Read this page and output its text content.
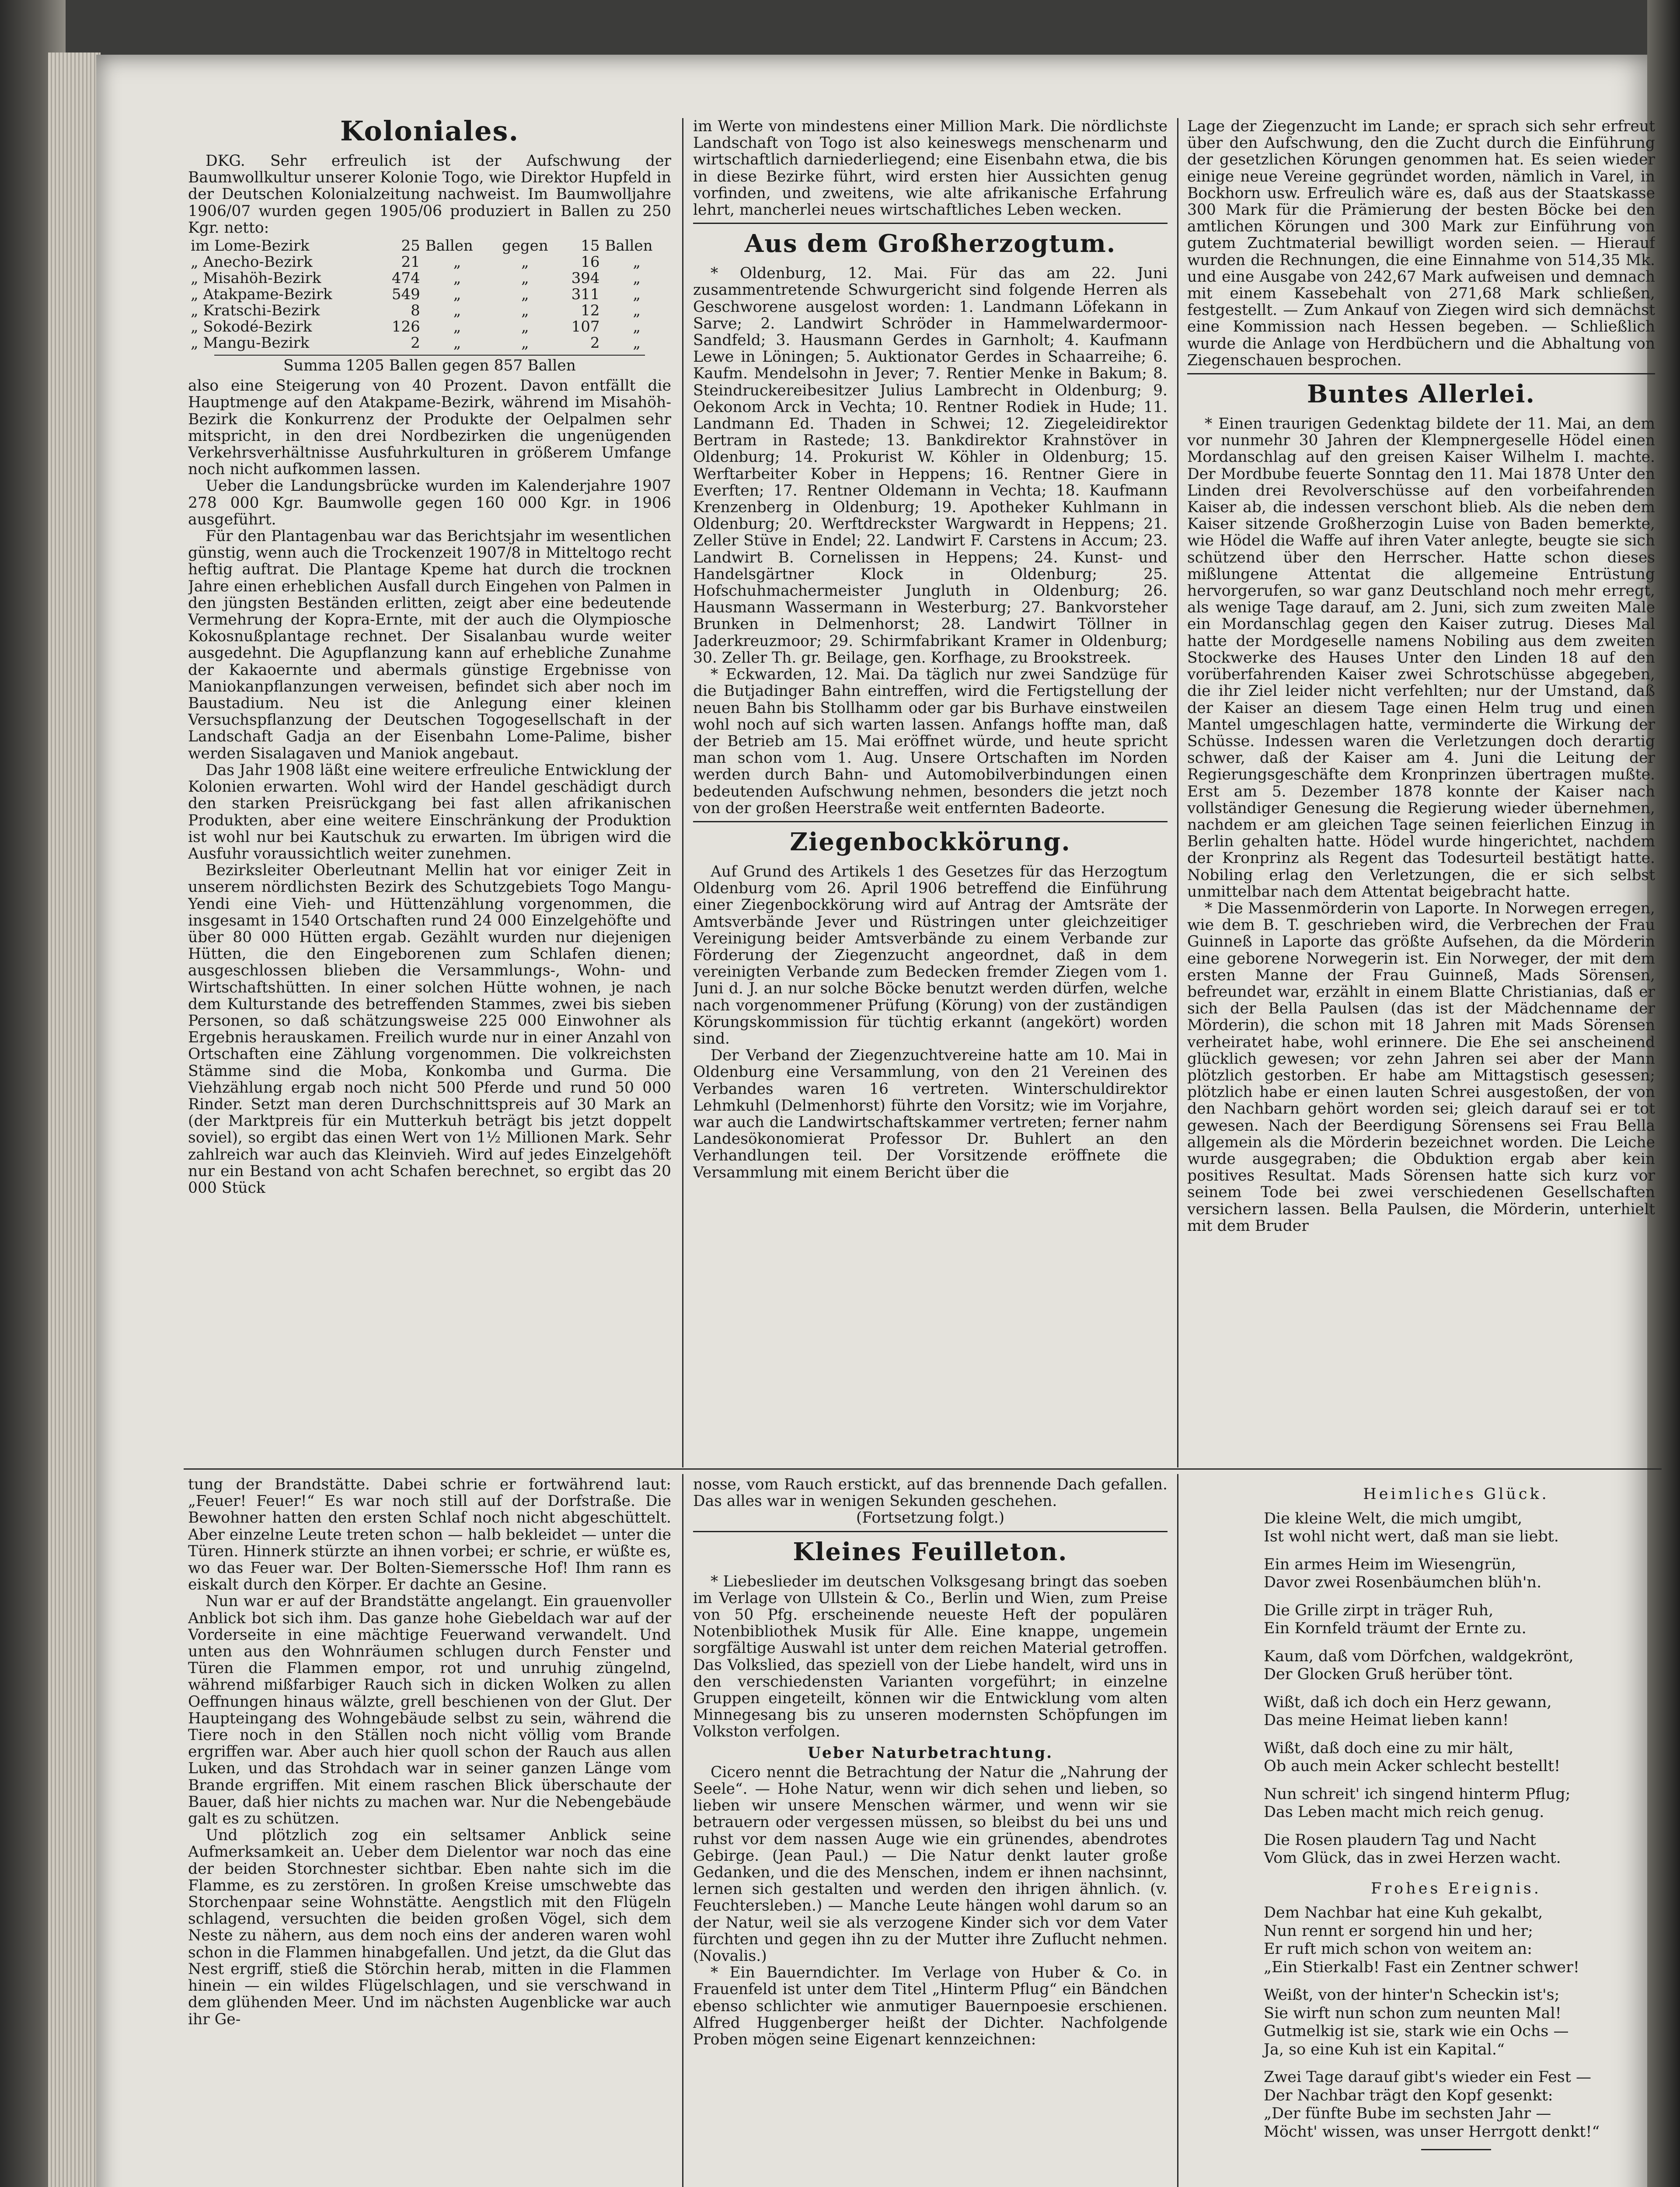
Koloniales.

DKG. Sehr erfreulich ist der Aufschwung der Baumwollkultur unserer Kolonie Togo, wie Direktor Hupfeld in der Deutschen Kolonialzeitung nachweist. Im Baumwolljahre 1906/07 wurden gegen 1905/06 produziert in Ballen zu 250 Kgr. netto:

im Lome-Bezirk	25	Ballen	gegen	15	Ballen
„ Anecho-Bezirk	21	„	„	16	„
„ Misahöh-Bezirk	474	„	„	394	„
„ Atakpame-Bezirk	549	„	„	311	„
„ Kratschi-Bezirk	8	„	„	12	„
„ Sokodé-Bezirk	126	„	„	107	„
„ Mangu-Bezirk	2	„	„	2	„
Summa 1205 Ballen gegen 857 Ballen

also eine Steigerung von 40 Prozent. Davon entfällt die Hauptmenge auf den Atakpame-Bezirk, während im Misahöh-Bezirk die Konkurrenz der Produkte der Oelpalmen sehr mitspricht, in den drei Nordbezirken die ungenügenden Verkehrsverhältnisse Ausfuhrkulturen in größerem Umfange noch nicht aufkommen lassen.

Ueber die Landungsbrücke wurden im Kalenderjahre 1907 278 000 Kgr. Baumwolle gegen 160 000 Kgr. in 1906 ausgeführt.

Für den Plantagenbau war das Berichtsjahr im wesentlichen günstig, wenn auch die Trockenzeit 1907/8 in Mitteltogo recht heftig auftrat. Die Plantage Kpeme hat durch die trocknen Jahre einen erheblichen Ausfall durch Eingehen von Palmen in den jüngsten Beständen erlitten, zeigt aber eine bedeutende Vermehrung der Kopra-Ernte, mit der auch die Olympiosche Kokosnußplantage rechnet. Der Sisalanbau wurde weiter ausgedehnt. Die Agupflanzung kann auf erhebliche Zunahme der Kakaoernte und abermals günstige Ergebnisse von Maniokanpflanzungen verweisen, befindet sich aber noch im Baustadium. Neu ist die Anlegung einer kleinen Versuchspflanzung der Deutschen Togogesellschaft in der Landschaft Gadja an der Eisenbahn Lome-Palime, bisher werden Sisalagaven und Maniok angebaut.

Das Jahr 1908 läßt eine weitere erfreuliche Entwicklung der Kolonien erwarten. Wohl wird der Handel geschädigt durch den starken Preisrückgang bei fast allen afrikanischen Produkten, aber eine weitere Einschränkung der Produktion ist wohl nur bei Kautschuk zu erwarten. Im übrigen wird die Ausfuhr voraussichtlich weiter zunehmen.

Bezirksleiter Oberleutnant Mellin hat vor einiger Zeit in unserem nördlichsten Bezirk des Schutzgebiets Togo Mangu-Yendi eine Vieh- und Hüttenzählung vorgenommen, die insgesamt in 1540 Ortschaften rund 24 000 Einzelgehöfte und über 80 000 Hütten ergab. Gezählt wurden nur diejenigen Hütten, die den Eingeborenen zum Schlafen dienen; ausgeschlossen blieben die Versammlungs-, Wohn- und Wirtschaftshütten. In einer solchen Hütte wohnen, je nach dem Kulturstande des betreffenden Stammes, zwei bis sieben Personen, so daß schätzungsweise 225 000 Einwohner als Ergebnis herauskamen. Freilich wurde nur in einer Anzahl von Ortschaften eine Zählung vorgenommen. Die volkreichsten Stämme sind die Moba, Konkomba und Gurma. Die Viehzählung ergab noch nicht 500 Pferde und rund 50 000 Rinder. Setzt man deren Durchschnittspreis auf 30 Mark an (der Marktpreis für ein Mutterkuh beträgt bis jetzt doppelt soviel), so ergibt das einen Wert von 1½ Millionen Mark. Sehr zahlreich war auch das Kleinvieh. Wird auf jedes Einzelgehöft nur ein Bestand von acht Schafen berechnet, so ergibt das 20 000 Stück

im Werte von mindestens einer Million Mark. Die nördlichste Landschaft von Togo ist also keineswegs menschenarm und wirtschaftlich darniederliegend; eine Eisenbahn etwa, die bis in diese Bezirke führt, wird ersten hier Aussichten genug vorfinden, und zweitens, wie alte afrikanische Erfahrung lehrt, mancherlei neues wirtschaftliches Leben wecken.

Aus dem Großherzogtum.

* Oldenburg, 12. Mai. Für das am 22. Juni zusammentretende Schwurgericht sind folgende Herren als Geschworene ausgelost worden: 1. Landmann Löfekann in Sarve; 2. Landwirt Schröder in Hammelwardermoor-Sandfeld; 3. Hausmann Gerdes in Garnholt; 4. Kaufmann Lewe in Löningen; 5. Auktionator Gerdes in Schaarreihe; 6. Kaufm. Mendelsohn in Jever; 7. Rentier Menke in Bakum; 8. Steindruckereibesitzer Julius Lambrecht in Oldenburg; 9. Oekonom Arck in Vechta; 10. Rentner Rodiek in Hude; 11. Landmann Ed. Thaden in Schwei; 12. Ziegeleidirektor Bertram in Rastede; 13. Bankdirektor Krahnstöver in Oldenburg; 14. Prokurist W. Köhler in Oldenburg; 15. Werftarbeiter Kober in Heppens; 16. Rentner Giere in Everften; 17. Rentner Oldemann in Vechta; 18. Kaufmann Krenzenberg in Oldenburg; 19. Apotheker Kuhlmann in Oldenburg; 20. Werftdreckster Wargwardt in Heppens; 21. Zeller Stüve in Endel; 22. Landwirt F. Carstens in Accum; 23. Landwirt B. Cornelissen in Heppens; 24. Kunst- und Handelsgärtner Klock in Oldenburg; 25. Hofschuhmachermeister Jungluth in Oldenburg; 26. Hausmann Wassermann in Westerburg; 27. Bankvorsteher Brunken in Delmenhorst; 28. Landwirt Töllner in Jaderkreuzmoor; 29. Schirmfabrikant Kramer in Oldenburg; 30. Zeller Th. gr. Beilage, gen. Korfhage, zu Brookstreek.

* Eckwarden, 12. Mai. Da täglich nur zwei Sandzüge für die Butjadinger Bahn eintreffen, wird die Fertigstellung der neuen Bahn bis Stollhamm oder gar bis Burhave einstweilen wohl noch auf sich warten lassen. Anfangs hoffte man, daß der Betrieb am 15. Mai eröffnet würde, und heute spricht man schon vom 1. Aug. Unsere Ortschaften im Norden werden durch Bahn- und Automobilverbindungen einen bedeutenden Aufschwung nehmen, besonders die jetzt noch von der großen Heerstraße weit entfernten Badeorte.

Ziegenbockkörung.

Auf Grund des Artikels 1 des Gesetzes für das Herzogtum Oldenburg vom 26. April 1906 betreffend die Einführung einer Ziegenbockkörung wird auf Antrag der Amtsräte der Amtsverbände Jever und Rüstringen unter gleichzeitiger Vereinigung beider Amtsverbände zu einem Verbande zur Förderung der Ziegenzucht angeordnet, daß in dem vereinigten Verbande zum Bedecken fremder Ziegen vom 1. Juni d. J. an nur solche Böcke benutzt werden dürfen, welche nach vorgenommener Prüfung (Körung) von der zuständigen Körungskommission für tüchtig erkannt (angekört) worden sind.

Der Verband der Ziegenzuchtvereine hatte am 10. Mai in Oldenburg eine Versammlung, von den 21 Vereinen des Verbandes waren 16 vertreten. Winterschuldirektor Lehmkuhl (Delmenhorst) führte den Vorsitz; wie im Vorjahre, war auch die Landwirtschaftskammer vertreten; ferner nahm Landesökonomierat Professor Dr. Buhlert an den Verhandlungen teil. Der Vorsitzende eröffnete die Versammlung mit einem Bericht über die

Lage der Ziegenzucht im Lande; er sprach sich sehr erfreut über den Aufschwung, den die Zucht durch die Einführung der gesetzlichen Körungen genommen hat. Es seien wieder einige neue Vereine gegründet worden, nämlich in Varel, in Bockhorn usw. Erfreulich wäre es, daß aus der Staatskasse 300 Mark für die Prämierung der besten Böcke bei den amtlichen Körungen und 300 Mark zur Einführung von gutem Zuchtmaterial bewilligt worden seien. — Hierauf wurden die Rechnungen, die eine Einnahme von 514,35 Mk. und eine Ausgabe von 242,67 Mark aufweisen und demnach mit einem Kassebehalt von 271,68 Mark schließen, festgestellt. — Zum Ankauf von Ziegen wird sich demnächst eine Kommission nach Hessen begeben. — Schließlich wurde die Anlage von Herdbüchern und die Abhaltung von Ziegenschauen besprochen.

Buntes Allerlei.

* Einen traurigen Gedenktag bildete der 11. Mai, an dem vor nunmehr 30 Jahren der Klempnergeselle Hödel einen Mordanschlag auf den greisen Kaiser Wilhelm I. machte. Der Mordbube feuerte Sonntag den 11. Mai 1878 Unter den Linden drei Revolverschüsse auf den vorbeifahrenden Kaiser ab, die indessen verschont blieb. Als die neben dem Kaiser sitzende Großherzogin Luise von Baden bemerkte, wie Hödel die Waffe auf ihren Vater anlegte, beugte sie sich schützend über den Herrscher. Hatte schon dieses mißlungene Attentat die allgemeine Entrüstung hervorgerufen, so war ganz Deutschland noch mehr erregt, als wenige Tage darauf, am 2. Juni, sich zum zweiten Male ein Mordanschlag gegen den Kaiser zutrug. Dieses Mal hatte der Mordgeselle namens Nobiling aus dem zweiten Stockwerke des Hauses Unter den Linden 18 auf den vorüberfahrenden Kaiser zwei Schrotschüsse abgegeben, die ihr Ziel leider nicht verfehlten; nur der Umstand, daß der Kaiser an diesem Tage einen Helm trug und einen Mantel umgeschlagen hatte, verminderte die Wirkung der Schüsse. Indessen waren die Verletzungen doch derartig schwer, daß der Kaiser am 4. Juni die Leitung der Regierungsgeschäfte dem Kronprinzen übertragen mußte. Erst am 5. Dezember 1878 konnte der Kaiser nach vollständiger Genesung die Regierung wieder übernehmen, nachdem er am gleichen Tage seinen feierlichen Einzug in Berlin gehalten hatte. Hödel wurde hingerichtet, nachdem der Kronprinz als Regent das Todesurteil bestätigt hatte. Nobiling erlag den Verletzungen, die er sich selbst unmittelbar nach dem Attentat beigebracht hatte.

* Die Massenmörderin von Laporte. In Norwegen erregen, wie dem B. T. geschrieben wird, die Verbrechen der Frau Guinneß in Laporte das größte Aufsehen, da die Mörderin eine geborene Norwegerin ist. Ein Norweger, der mit dem ersten Manne der Frau Guinneß, Mads Sörensen, befreundet war, erzählt in einem Blatte Christianias, daß er sich der Bella Paulsen (das ist der Mädchenname der Mörderin), die schon mit 18 Jahren mit Mads Sörensen verheiratet habe, wohl erinnere. Die Ehe sei anscheinend glücklich gewesen; vor zehn Jahren sei aber der Mann plötzlich gestorben. Er habe am Mittagstisch gesessen; plötzlich habe er einen lauten Schrei ausgestoßen, der von den Nachbarn gehört worden sei; gleich darauf sei er tot gewesen. Nach der Beerdigung Sörensens sei Frau Bella allgemein als die Mörderin bezeichnet worden. Die Leiche wurde ausgegraben; die Obduktion ergab aber kein positives Resultat. Mads Sörensen hatte sich kurz vor seinem Tode bei zwei verschiedenen Gesellschaften versichern lassen. Bella Paulsen, die Mörderin, unterhielt mit dem Bruder

tung der Brandstätte. Dabei schrie er fortwährend laut: „Feuer! Feuer!“ Es war noch still auf der Dorfstraße. Die Bewohner hatten den ersten Schlaf noch nicht abgeschüttelt. Aber einzelne Leute treten schon — halb bekleidet — unter die Türen. Hinnerk stürzte an ihnen vorbei; er schrie, er wüßte es, wo das Feuer war. Der Bolten-Siemerssche Hof! Ihm rann es eiskalt durch den Körper. Er dachte an Gesine.

Nun war er auf der Brandstätte angelangt. Ein grauenvoller Anblick bot sich ihm. Das ganze hohe Giebeldach war auf der Vorderseite in eine mächtige Feuerwand verwandelt. Und unten aus den Wohnräumen schlugen durch Fenster und Türen die Flammen empor, rot und unruhig züngelnd, während mißfarbiger Rauch sich in dicken Wolken zu allen Oeffnungen hinaus wälzte, grell beschienen von der Glut. Der Haupteingang des Wohngebäude selbst zu sein, während die Tiere noch in den Ställen noch nicht völlig vom Brande ergriffen war. Aber auch hier quoll schon der Rauch aus allen Luken, und das Strohdach war in seiner ganzen Länge vom Brande ergriffen. Mit einem raschen Blick überschaute der Bauer, daß hier nichts zu machen war. Nur die Nebengebäude galt es zu schützen.

Und plötzlich zog ein seltsamer Anblick seine Aufmerksamkeit an. Ueber dem Dielentor war noch das eine der beiden Storchnester sichtbar. Eben nahte sich im die Flamme, es zu zerstören. In großen Kreise umschwebte das Storchenpaar seine Wohnstätte. Aengstlich mit den Flügeln schlagend, versuchten die beiden großen Vögel, sich dem Neste zu nähern, aus dem noch eins der anderen waren wohl schon in die Flammen hinabgefallen. Und jetzt, da die Glut das Nest ergriff, stieß die Störchin herab, mitten in die Flammen hinein — ein wildes Flügelschlagen, und sie verschwand in dem glühenden Meer. Und im nächsten Augenblicke war auch ihr Ge-

nosse, vom Rauch erstickt, auf das brennende Dach gefallen. Das alles war in wenigen Sekunden geschehen.

(Fortsetzung folgt.)

Kleines Feuilleton.

* Liebeslieder im deutschen Volksgesang bringt das soeben im Verlage von Ullstein & Co., Berlin und Wien, zum Preise von 50 Pfg. erscheinende neueste Heft der populären Notenbibliothek Musik für Alle. Eine knappe, ungemein sorgfältige Auswahl ist unter dem reichen Material getroffen. Das Volkslied, das speziell von der Liebe handelt, wird uns in den verschiedensten Varianten vorgeführt; in einzelne Gruppen eingeteilt, können wir die Entwicklung vom alten Minnegesang bis zu unseren modernsten Schöpfungen im Volkston verfolgen.

Ueber Naturbetrachtung.

Cicero nennt die Betrachtung der Natur die „Nahrung der Seele“. — Hohe Natur, wenn wir dich sehen und lieben, so lieben wir unsere Menschen wärmer, und wenn wir sie betrauern oder vergessen müssen, so bleibst du bei uns und ruhst vor dem nassen Auge wie ein grünendes, abendrotes Gebirge. (Jean Paul.) — Die Natur denkt lauter große Gedanken, und die des Menschen, indem er ihnen nachsinnt, lernen sich gestalten und werden den ihrigen ähnlich. (v. Feuchtersleben.) — Manche Leute hängen wohl darum so an der Natur, weil sie als verzogene Kinder sich vor dem Vater fürchten und gegen ihn zu der Mutter ihre Zuflucht nehmen. (Novalis.)

* Ein Bauerndichter. Im Verlage von Huber & Co. in Frauenfeld ist unter dem Titel „Hinterm Pflug“ ein Bändchen ebenso schlichter wie anmutiger Bauernpoesie erschienen. Alfred Huggenberger heißt der Dichter. Nachfolgende Proben mögen seine Eigenart kennzeichnen:

Heimliches Glück.

Die kleine Welt, die mich umgibt,

Ist wohl nicht wert, daß man sie liebt.

Ein armes Heim im Wiesengrün,

Davor zwei Rosenbäumchen blüh'n.

Die Grille zirpt in träger Ruh,

Ein Kornfeld träumt der Ernte zu.

Kaum, daß vom Dörfchen, waldgekrönt,

Der Glocken Gruß herüber tönt.

Wißt, daß ich doch ein Herz gewann,

Das meine Heimat lieben kann!

Wißt, daß doch eine zu mir hält,

Ob auch mein Acker schlecht bestellt!

Nun schreit' ich singend hinterm Pflug;

Das Leben macht mich reich genug.

Die Rosen plaudern Tag und Nacht

Vom Glück, das in zwei Herzen wacht.

Frohes Ereignis.

Dem Nachbar hat eine Kuh gekalbt,

Nun rennt er sorgend hin und her;

Er ruft mich schon von weitem an:

„Ein Stierkalb! Fast ein Zentner schwer!

Weißt, von der hinter'n Scheckin ist's;

Sie wirft nun schon zum neunten Mal!

Gutmelkig ist sie, stark wie ein Ochs —

Ja, so eine Kuh ist ein Kapital.“

Zwei Tage darauf gibt's wieder ein Fest —

Der Nachbar trägt den Kopf gesenkt:

„Der fünfte Bube im sechsten Jahr —

Möcht' wissen, was unser Herrgott denkt!“
